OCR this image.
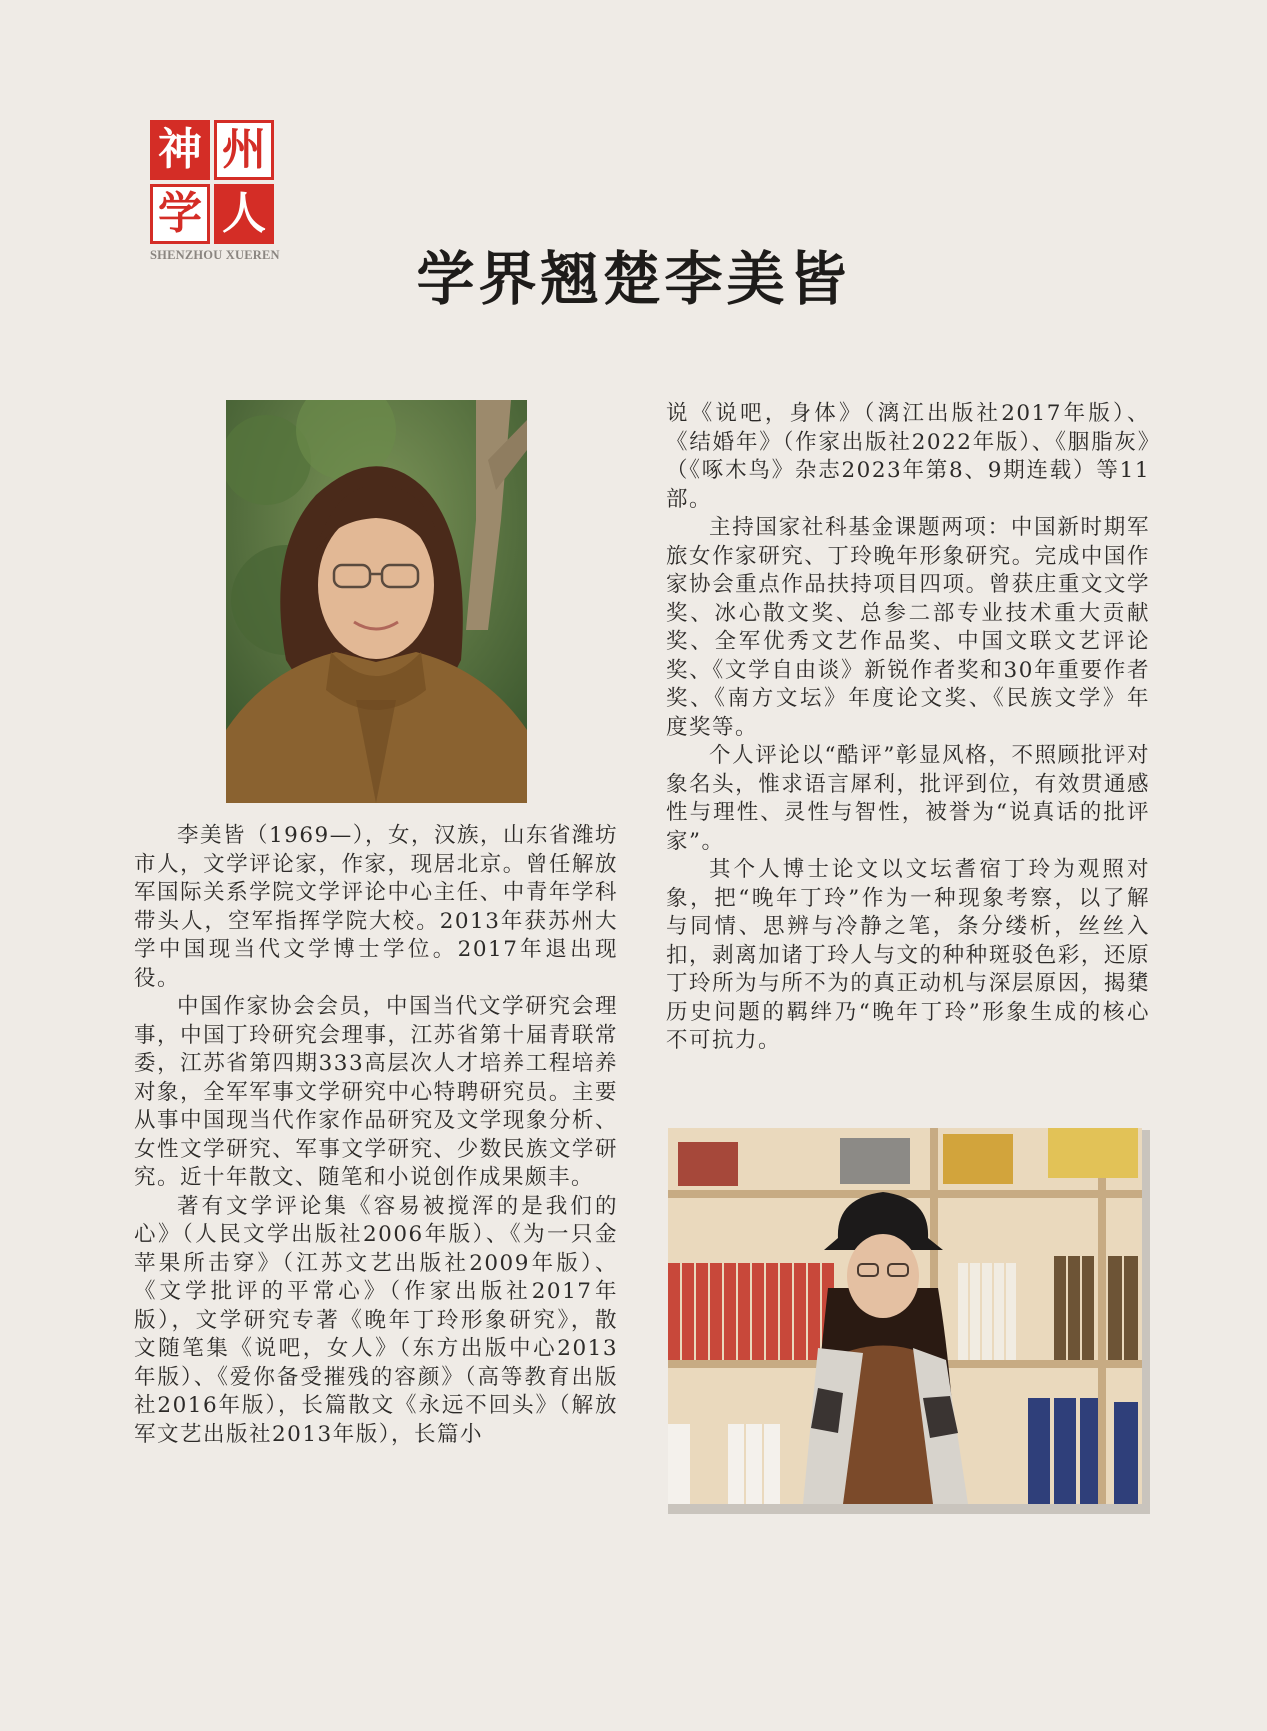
神 州
学 人
SHENZHOU XUEREN	学界翘楚李美皆

李美皆（1969—），女，汉族，山东省潍坊市人，文学评论家，作家，现居北京。曾任解放军国际关系学院文学评论中心主任、中青年学科带头人，空军指挥学院大校。2013年获苏州大学中国现当代文学博士学位。2017年退出现役。

中国作家协会会员，中国当代文学研究会理事，中国丁玲研究会理事，江苏省第十届青联常委，江苏省第四期333高层次人才培养工程培养对象，全军军事文学研究中心特聘研究员。主要从事中国现当代作家作品研究及文学现象分析、女性文学研究、军事文学研究、少数民族文学研究。近十年散文、随笔和小说创作成果颇丰。

著有文学评论集《容易被搅浑的是我们的心》（人民文学出版社2006年版）、《为一只金苹果所击穿》（江苏文艺出版社2009年版）、《文学批评的平常心》（作家出版社2017年版），文学研究专著《晚年丁玲形象研究》，散文随笔集《说吧，女人》（东方出版中心2013年版）、《爱你备受摧残的容颜》（高等教育出版社2016年版），长篇散文《永远不回头》（解放军文艺出版社2013年版），长篇小

说《说吧，身体》（漓江出版社2017年版）、《结婚年》（作家出版社2022年版）、《胭脂灰》（《啄木鸟》杂志2023年第8、9期连载）等11部。

主持国家社科基金课题两项：中国新时期军旅女作家研究、丁玲晚年形象研究。完成中国作家协会重点作品扶持项目四项。曾获庄重文文学奖、冰心散文奖、总参二部专业技术重大贡献奖、全军优秀文艺作品奖、中国文联文艺评论奖、《文学自由谈》新锐作者奖和30年重要作者奖、《南方文坛》年度论文奖、《民族文学》年度奖等。

个人评论以“酷评”彰显风格，不照顾批评对象名头，惟求语言犀利，批评到位，有效贯通感性与理性、灵性与智性，被誉为“说真话的批评家”。

其个人博士论文以文坛耆宿丁玲为观照对象，把“晚年丁玲”作为一种现象考察，以了解与同情、思辨与冷静之笔，条分缕析，丝丝入扣，剥离加诸丁玲人与文的种种斑驳色彩，还原丁玲所为与所不为的真正动机与深层原因，揭橥历史问题的羁绊乃“晚年丁玲”形象生成的核心不可抗力。
